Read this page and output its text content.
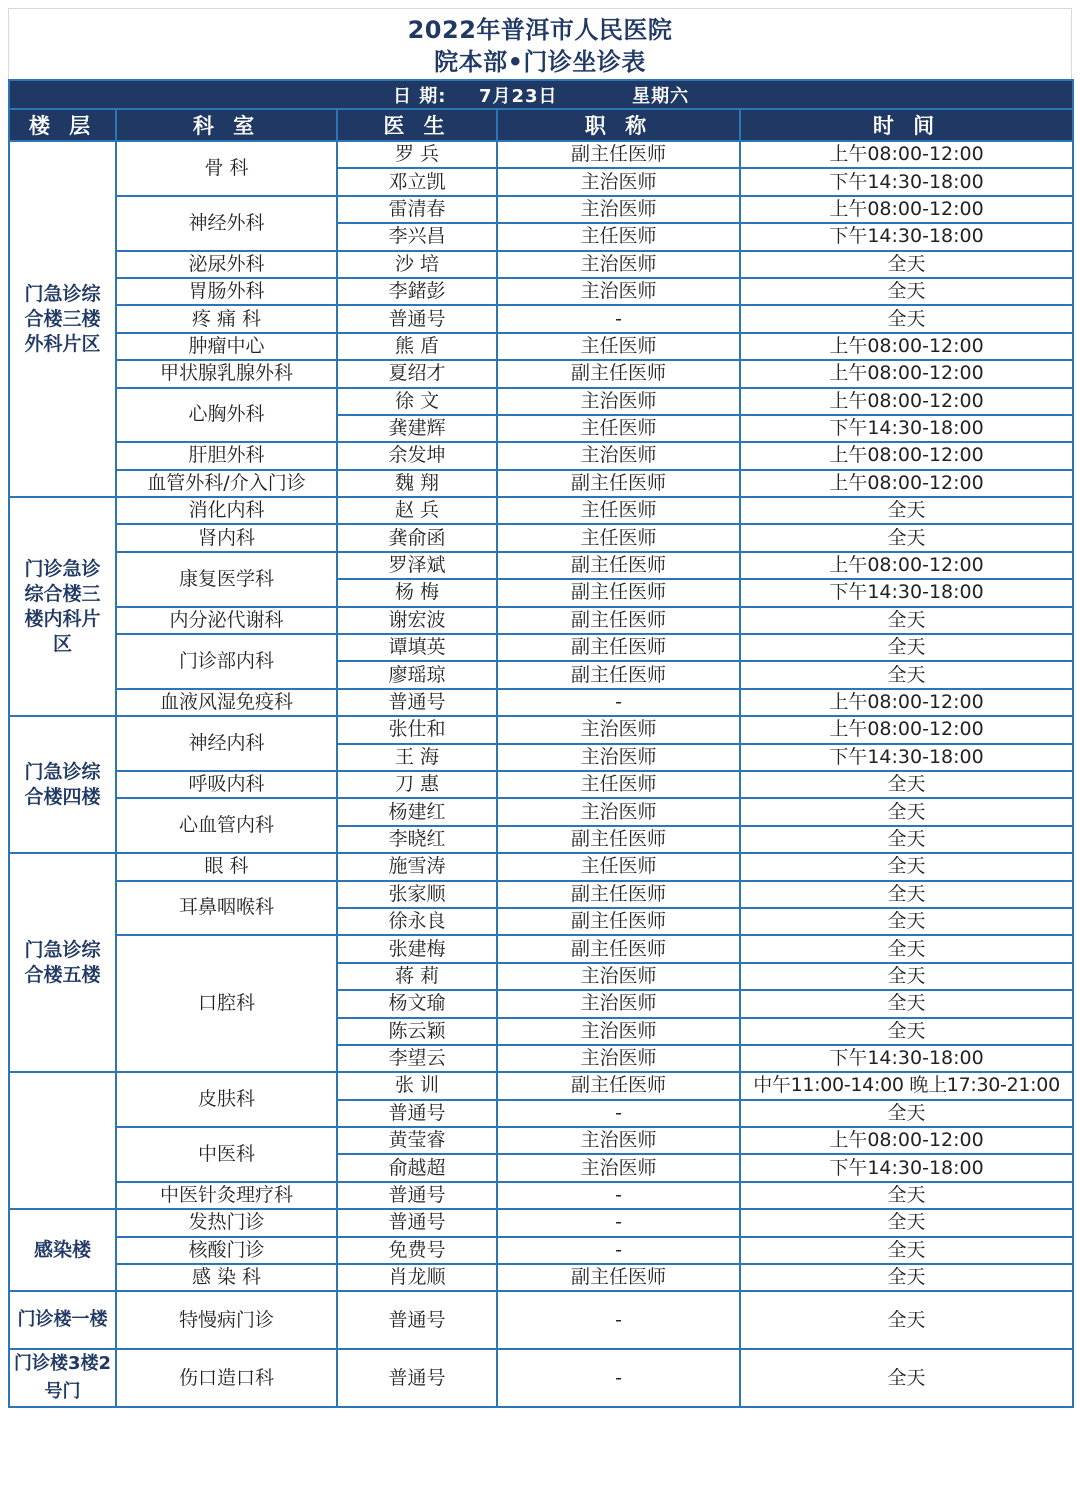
2022年普洱市人民医院
院本部•门诊坐诊表
日 期: 7月23日 星期六				
楼 层	科 室	医 生	职 称	时 间
门急诊综合楼三楼外科片区	骨 科	罗 兵	副主任医师	上午08:00-12:00
		邓立凯	主治医师	下午14:30-18:00
	神经外科	雷清春	主治医师	上午08:00-12:00
		李兴昌	主任医师	下午14:30-18:00
	泌尿外科	沙 培	主治医师	全天
	胃肠外科	李鍺彭	主治医师	全天
	疼 痛 科	普通号	-	全天
	肿瘤中心	熊 盾	主任医师	上午08:00-12:00
	甲状腺乳腺外科	夏绍才	副主任医师	上午08:00-12:00
	心胸外科	徐 文	主治医师	上午08:00-12:00
		龚建辉	主任医师	下午14:30-18:00
	肝胆外科	余发坤	主治医师	上午08:00-12:00
	血管外科/介入门诊	魏 翔	副主任医师	上午08:00-12:00
门诊急诊综合楼三楼内科片区	消化内科	赵 兵	主任医师	全天
	肾内科	龚俞函	主任医师	全天
	康复医学科	罗泽斌	副主任医师	上午08:00-12:00
		杨 梅	副主任医师	下午14:30-18:00
	内分泌代谢科	谢宏波	副主任医师	全天
	门诊部内科	谭填英	副主任医师	全天
		廖瑶琼	副主任医师	全天
	血液风湿免疫科	普通号	-	上午08:00-12:00
门急诊综合楼四楼	神经内科	张仕和	主治医师	上午08:00-12:00
		王 海	主治医师	下午14:30-18:00
	呼吸内科	刀 惠	主任医师	全天
	心血管内科	杨建红	主治医师	全天
		李晓红	副主任医师	全天
门急诊综合楼五楼	眼 科	施雪涛	主任医师	全天
	耳鼻咽喉科	张家顺	副主任医师	全天
		徐永良	副主任医师	全天
	口腔科	张建梅	副主任医师	全天
		蒋 莉	主治医师	全天
		杨文瑜	主治医师	全天
		陈云颖	主治医师	全天
		李望云	主治医师	下午14:30-18:00
	皮肤科	张 训	副主任医师	中午11:00-14:00 晚上17:30-21:00
		普通号	-	全天
	中医科	黄莹睿	主治医师	上午08:00-12:00
		俞越超	主治医师	下午14:30-18:00
	中医针灸理疗科	普通号	-	全天
感染楼	发热门诊	普通号	-	全天
	核酸门诊	免费号	-	全天
	感 染 科	肖龙顺	副主任医师	全天
门诊楼一楼	特慢病门诊	普通号	-	全天
门诊楼3楼2号门	伤口造口科	普通号	-	全天
